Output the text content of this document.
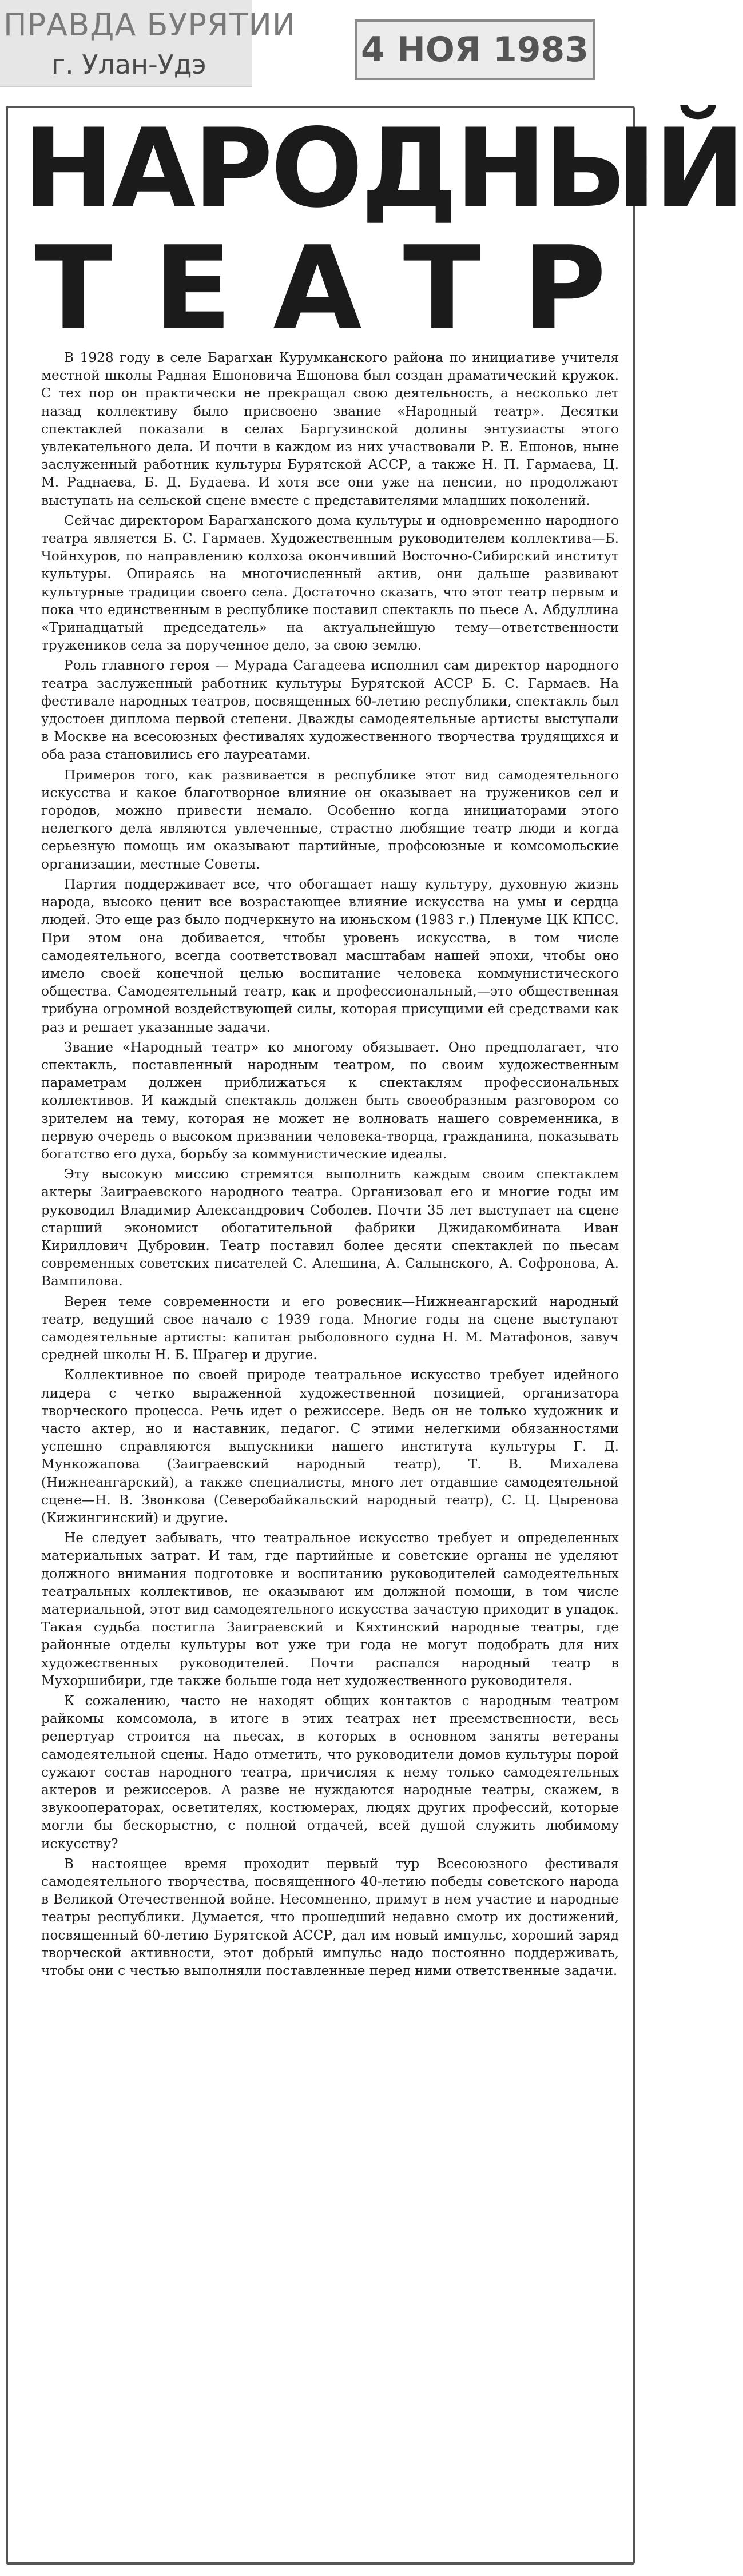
ПРАВДА БУРЯТИИ
г. Улан-Удэ	4 НОЯ 1983
НАРОДНЫЙ
Т Е А Т Р

В 1928 году в селе Барагхан Курумканского района по инициативе учителя местной школы Радная Ешоновича Ешонова был создан драматический кружок. С тех пор он практически не прекращал свою деятельность, а несколько лет назад коллективу было присвоено звание «Народный театр». Десятки спектаклей показали в селах Баргузинской долины энтузиасты этого увлекательного дела. И почти в каждом из них участвовали Р. Е. Ешонов, ныне заслуженный работник культуры Бурятской АССР, а также Н. П. Гармаева, Ц. М. Раднаева, Б. Д. Будаева. И хотя все они уже на пенсии, но продолжают выступать на сельской сцене вместе с представителями младших поколений.

Сейчас директором Барагханского дома культуры и одновременно народного театра является Б. С. Гармаев. Художественным руководителем коллектива—Б. Чойнхуров, по направлению колхоза окончивший Восточно-Сибирский институт культуры. Опираясь на многочисленный актив, они дальше развивают культурные традиции своего села. Достаточно сказать, что этот театр первым и пока что единственным в республике поставил спектакль по пьесе А. Абдуллина «Тринадцатый председатель» на актуальнейшую тему—ответственности тружеников села за порученное дело, за свою землю.

Роль главного героя — Мурада Сагадеева исполнил сам директор народного театра заслуженный работник культуры Бурятской АССР Б. С. Гармаев. На фестивале народных театров, посвященных 60-летию республики, спектакль был удостоен диплома первой степени. Дважды самодеятельные артисты выступали в Москве на всесоюзных фестивалях художественного творчества трудящихся и оба раза становились его лауреатами.

Примеров того, как развивается в республике этот вид самодеятельного искусства и какое благотворное влияние он оказывает на тружеников сел и городов, можно привести немало. Особенно когда инициаторами этого нелегкого дела являются увлеченные, страстно любящие театр люди и когда серьезную помощь им оказывают партийные, профсоюзные и комсомольские организации, местные Советы.

Партия поддерживает все, что обогащает нашу культуру, духовную жизнь народа, высоко ценит все возрастающее влияние искусства на умы и сердца людей. Это еще раз было подчеркнуто на июньском (1983 г.) Пленуме ЦК КПСС. При этом она добивается, чтобы уровень искусства, в том числе самодеятельного, всегда соответствовал масштабам нашей эпохи, чтобы оно имело своей конечной целью воспитание человека коммунистического общества. Самодеятельный театр, как и профессиональный,—это общественная трибуна огромной воздействующей силы, которая присущими ей средствами как раз и решает указанные задачи.

Звание «Народный театр» ко многому обязывает. Оно предполагает, что спектакль, поставленный народным театром, по своим художественным параметрам должен приближаться к спектаклям профессиональных коллективов. И каждый спектакль должен быть своеобразным разговором со зрителем на тему, которая не может не волновать нашего современника, в первую очередь о высоком призвании человека-творца, гражданина, показывать богатство его духа, борьбу за коммунистические идеалы.

Эту высокую миссию стремятся выполнить каждым своим спектаклем актеры Заиграевского народного театра. Организовал его и многие годы им руководил Владимир Александрович Соболев. Почти 35 лет выступает на сцене старший экономист обогатительной фабрики Джидакомбината Иван Кириллович Дубровин. Театр поставил более десяти спектаклей по пьесам современных советских писателей С. Алешина, А. Салынского, А. Софронова, А. Вампилова.

Верен теме современности и его ровесник—Нижнеангарский народный театр, ведущий свое начало с 1939 года. Многие годы на сцене выступают самодеятельные артисты: капитан рыболовного судна Н. М. Матафонов, завуч средней школы Н. Б. Шрагер и другие.

Коллективное по своей природе театральное искусство требует идейного лидера с четко выраженной художественной позицией, организатора творческого процесса. Речь идет о режиссере. Ведь он не только художник и часто актер, но и наставник, педагог. С этими нелегкими обязанностями успешно справляются выпускники нашего института культуры Г. Д. Мункожапова (Заиграевский народный театр), Т. В. Михалева (Нижнеангарский), а также специалисты, много лет отдавшие самодеятельной сцене—Н. В. Звонкова (Северобайкальский народный театр), С. Ц. Цыренова (Кижингинский) и другие.

Не следует забывать, что театральное искусство требует и определенных материальных затрат. И там, где партийные и советские органы не уделяют должного внимания подготовке и воспитанию руководителей самодеятельных театральных коллективов, не оказывают им должной помощи, в том числе материальной, этот вид самодеятельного искусства зачастую приходит в упадок. Такая судьба постигла Заиграевский и Кяхтинский народные театры, где районные отделы культуры вот уже три года не могут подобрать для них художественных руководителей. Почти распался народный театр в Мухоршибири, где также больше года нет художественного руководителя.

К сожалению, часто не находят общих контактов с народным театром райкомы комсомола, в итоге в этих театрах нет преемственности, весь репертуар строится на пьесах, в которых в основном заняты ветераны самодеятельной сцены. Надо отметить, что руководители домов культуры порой сужают состав народного театра, причисляя к нему только самодеятельных актеров и режиссеров. А разве не нуждаются народные театры, скажем, в звукооператорах, осветителях, костюмерах, людях других профессий, которые могли бы бескорыстно, с полной отдачей, всей душой служить любимому искусству?

В настоящее время проходит первый тур Всесоюзного фестиваля самодеятельного творчества, посвященного 40-летию победы советского народа в Великой Отечественной войне. Несомненно, примут в нем участие и народные театры республики. Думается, что прошедший недавно смотр их достижений, посвященный 60-летию Бурятской АССР, дал им новый импульс, хороший заряд творческой активности, этот добрый импульс надо постоянно поддерживать, чтобы они с честью выполняли поставленные перед ними ответственные задачи.
